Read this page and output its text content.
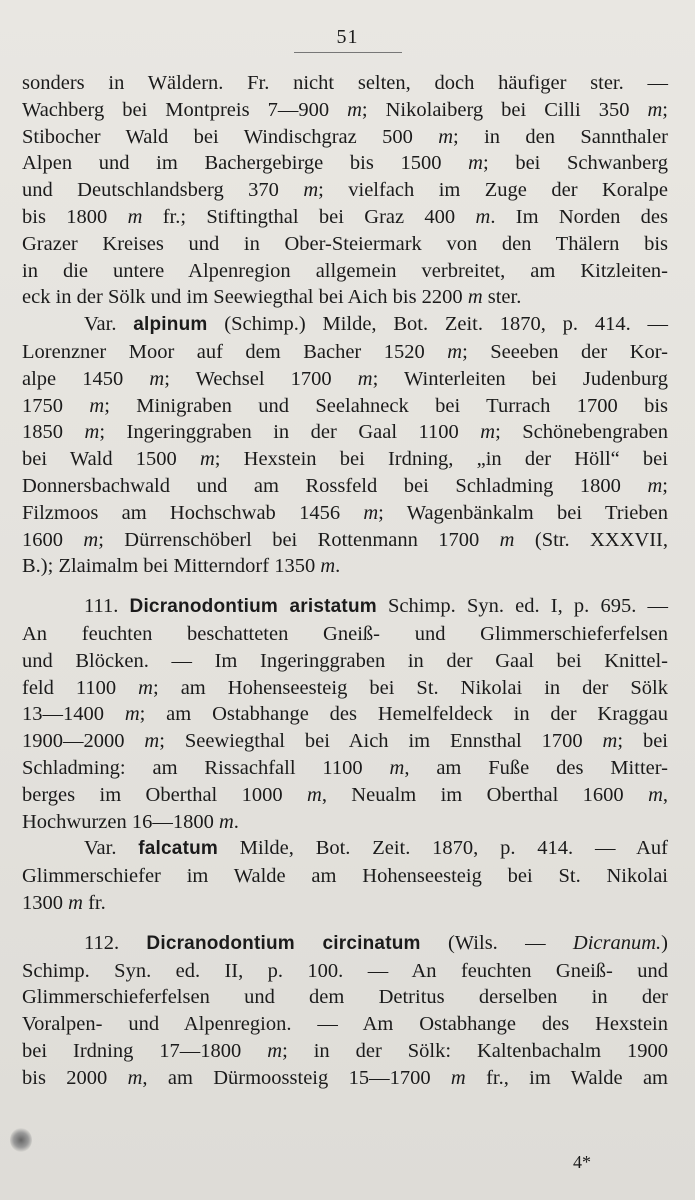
51
sonders in Wäldern. Fr. nicht selten, doch häufiger ster. —
Wachberg bei Montpreis 7—900 m; Nikolaiberg bei Cilli 350 m;
Stibocher Wald bei Windischgraz 500 m; in den Sannthaler
Alpen und im Bachergebirge bis 1500 m; bei Schwanberg
und Deutschlandsberg 370 m; vielfach im Zuge der Koralpe
bis 1800 m fr.; Stiftingthal bei Graz 400 m. Im Norden des
Grazer Kreises und in Ober-Steiermark von den Thälern bis
in die untere Alpenregion allgemein verbreitet, am Kitzleiten-
eck in der Sölk und im Seewiegthal bei Aich bis 2200 m ster.
Var. alpinum (Schimp.) Milde, Bot. Zeit. 1870, p. 414. —
Lorenzner Moor auf dem Bacher 1520 m; Seeeben der Kor-
alpe 1450 m; Wechsel 1700 m; Winterleiten bei Judenburg
1750 m; Minigraben und Seelahneck bei Turrach 1700 bis
1850 m; Ingeringgraben in der Gaal 1100 m; Schönebengraben
bei Wald 1500 m; Hexstein bei Irdning, „in der Höll“ bei
Donnersbachwald und am Rossfeld bei Schladming 1800 m;
Filzmoos am Hochschwab 1456 m; Wagenbänkalm bei Trieben
1600 m; Dürrenschöberl bei Rottenmann 1700 m (Str. XXXVII,
B.); Zlaimalm bei Mitterndorf 1350 m.
111. Dicranodontium aristatum Schimp. Syn. ed. I, p. 695. —
An feuchten beschatteten Gneiß- und Glimmerschieferfelsen
und Blöcken. — Im Ingeringgraben in der Gaal bei Knittel-
feld 1100 m; am Hohenseesteig bei St. Nikolai in der Sölk
13—1400 m; am Ostabhange des Hemelfeldeck in der Kraggau
1900—2000 m; Seewiegthal bei Aich im Ennsthal 1700 m; bei
Schladming: am Rissachfall 1100 m, am Fuße des Mitter-
berges im Oberthal 1000 m, Neualm im Oberthal 1600 m,
Hochwurzen 16—1800 m.
Var. falcatum Milde, Bot. Zeit. 1870, p. 414. — Auf
Glimmerschiefer im Walde am Hohenseesteig bei St. Nikolai
1300 m fr.
112. Dicranodontium circinatum (Wils. — Dicranum.)
Schimp. Syn. ed. II, p. 100. — An feuchten Gneiß- und
Glimmerschieferfelsen und dem Detritus derselben in der
Voralpen- und Alpenregion. — Am Ostabhange des Hexstein
bei Irdning 17—1800 m; in der Sölk: Kaltenbachalm 1900
bis 2000 m, am Dürmoossteig 15—1700 m fr., im Walde am
4*
